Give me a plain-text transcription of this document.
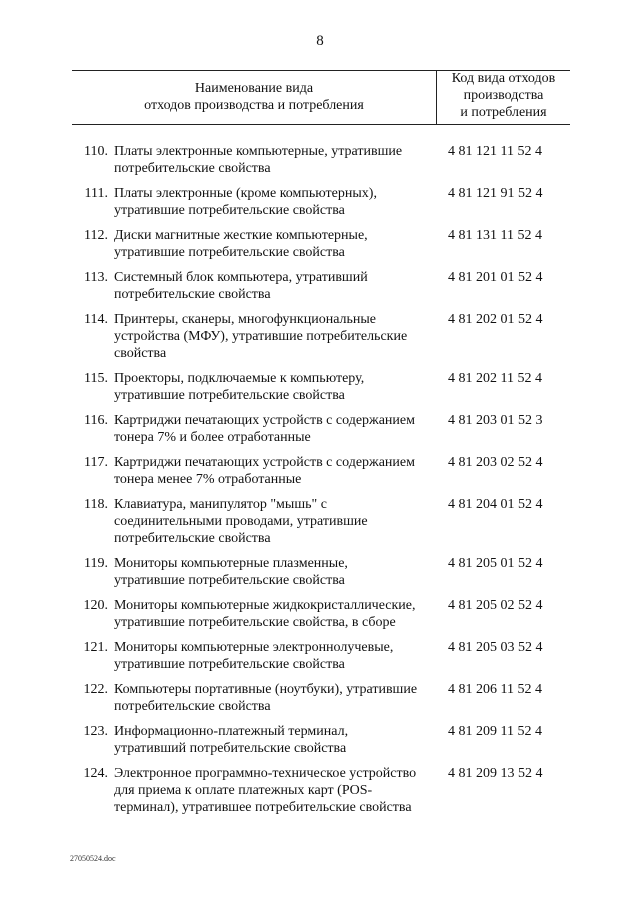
8
Наименование вида
отходов производства и потребления
Код вида отходов
производства
и потребления
110. Платы электронные компьютерные, утратившие
потребительские свойства
4 81 121 11 52 4
111. Платы электронные (кроме компьютерных),
утратившие потребительские свойства
4 81 121 91 52 4
112. Диски магнитные жесткие компьютерные,
утратившие потребительские свойства
4 81 131 11 52 4
113. Системный блок компьютера, утративший
потребительские свойства
4 81 201 01 52 4
114. Принтеры, сканеры, многофункциональные
устройства (МФУ), утратившие потребительские
свойства
4 81 202 01 52 4
115. Проекторы, подключаемые к компьютеру,
утратившие потребительские свойства
4 81 202 11 52 4
116. Картриджи печатающих устройств с содержанием
тонера 7% и более отработанные
4 81 203 01 52 3
117. Картриджи печатающих устройств с содержанием
тонера менее 7% отработанные
4 81 203 02 52 4
118. Клавиатура, манипулятор "мышь" с
соединительными проводами, утратившие
потребительские свойства
4 81 204 01 52 4
119. Мониторы компьютерные плазменные,
утратившие потребительские свойства
4 81 205 01 52 4
120. Мониторы компьютерные жидкокристаллические,
утратившие потребительские свойства, в сборе
4 81 205 02 52 4
121. Мониторы компьютерные электроннолучевые,
утратившие потребительские свойства
4 81 205 03 52 4
122. Компьютеры портативные (ноутбуки), утратившие
потребительские свойства
4 81 206 11 52 4
123. Информационно-платежный терминал,
утративший потребительские свойства
4 81 209 11 52 4
124. Электронное программно-техническое устройство
для приема к оплате платежных карт (POS-
терминал), утратившее потребительские свойства
4 81 209 13 52 4
27050524.doc
